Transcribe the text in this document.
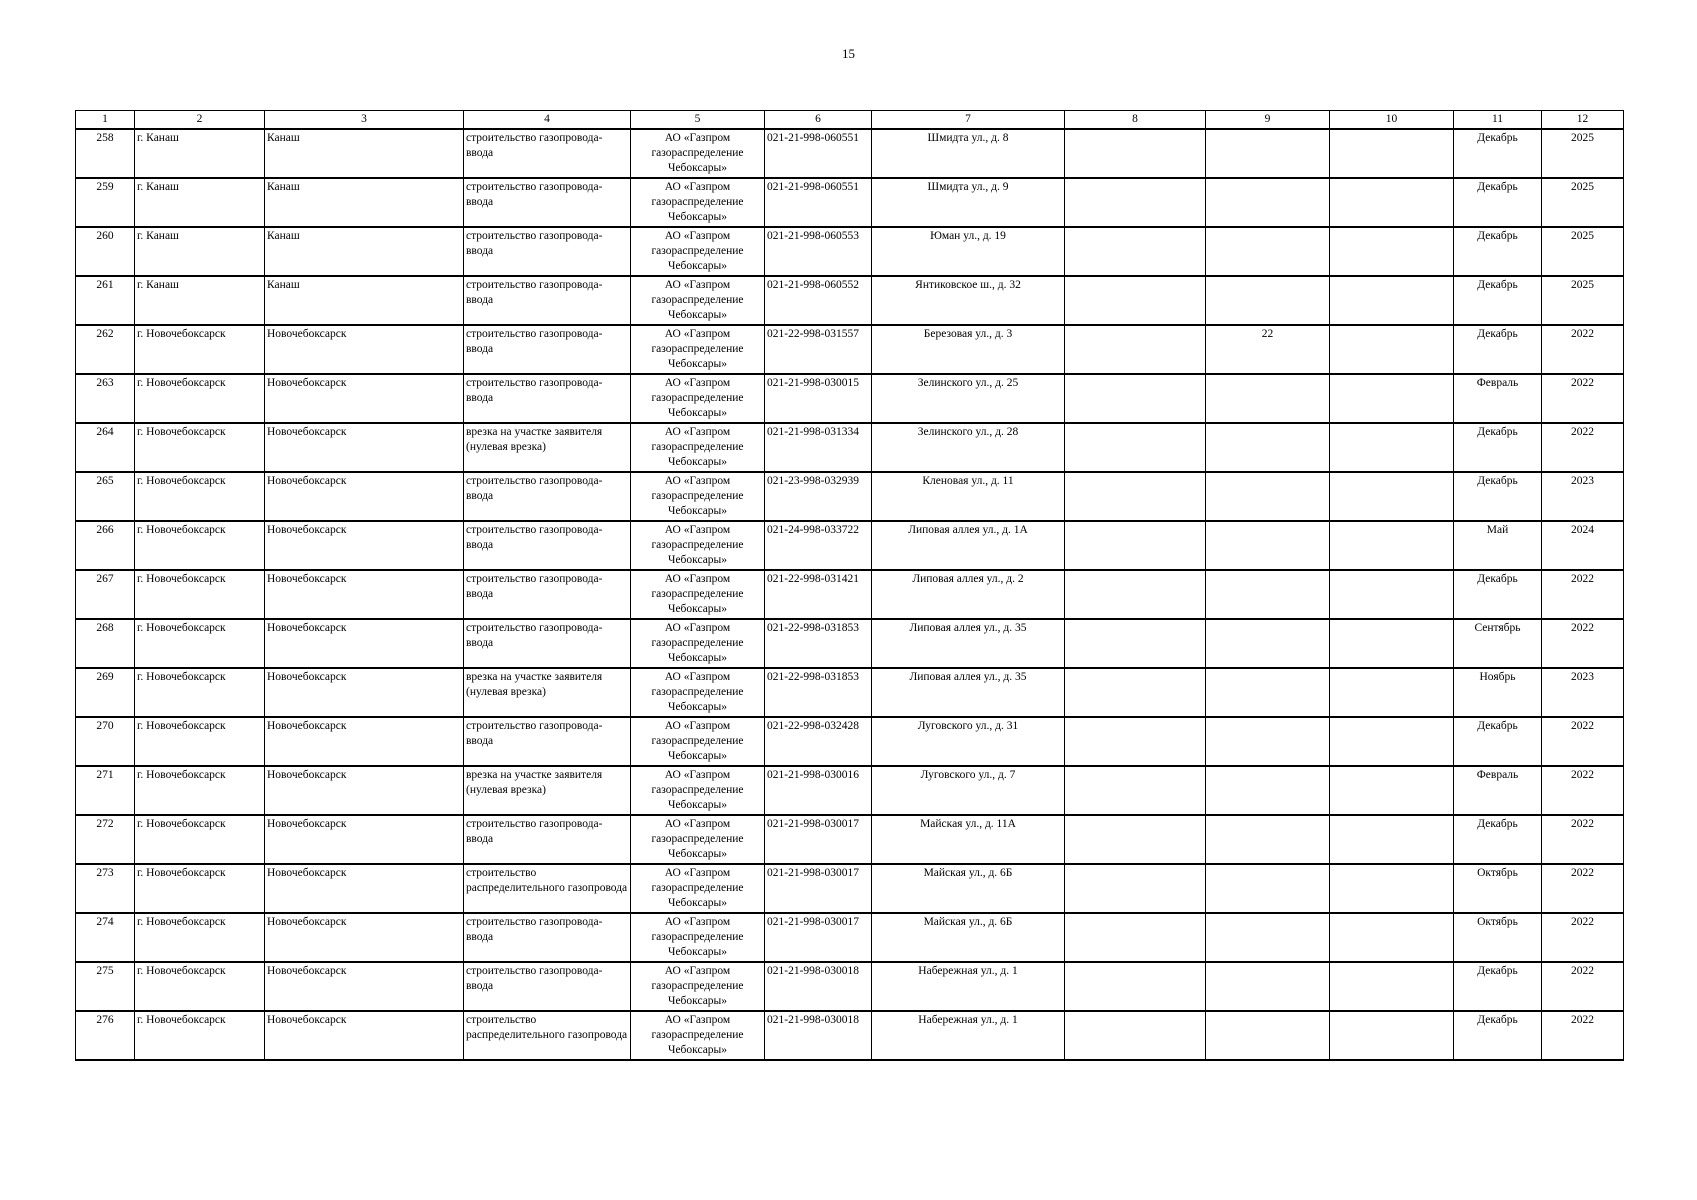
15
1	2	3	4	5	6	7	8	9	10	11	12
258	г. Канаш	Канаш	строительство газопровода-ввода	АО «Газпром газораспределение Чебоксары»	021-21-998-060551	Шмидта ул., д. 8				Декабрь	2025
259	г. Канаш	Канаш	строительство газопровода-ввода	АО «Газпром газораспределение Чебоксары»	021-21-998-060551	Шмидта ул., д. 9				Декабрь	2025
260	г. Канаш	Канаш	строительство газопровода-ввода	АО «Газпром газораспределение Чебоксары»	021-21-998-060553	Юман ул., д. 19				Декабрь	2025
261	г. Канаш	Канаш	строительство газопровода-ввода	АО «Газпром газораспределение Чебоксары»	021-21-998-060552	Янтиковское ш., д. 32				Декабрь	2025
262	г. Новочебоксарск	Новочебоксарск	строительство газопровода-ввода	АО «Газпром газораспределение Чебоксары»	021-22-998-031557	Березовая ул., д. 3		22		Декабрь	2022
263	г. Новочебоксарск	Новочебоксарск	строительство газопровода-ввода	АО «Газпром газораспределение Чебоксары»	021-21-998-030015	Зелинского ул., д. 25				Февраль	2022
264	г. Новочебоксарск	Новочебоксарск	врезка на участке заявителя (нулевая врезка)	АО «Газпром газораспределение Чебоксары»	021-21-998-031334	Зелинского ул., д. 28				Декабрь	2022
265	г. Новочебоксарск	Новочебоксарск	строительство газопровода-ввода	АО «Газпром газораспределение Чебоксары»	021-23-998-032939	Кленовая ул., д. 11				Декабрь	2023
266	г. Новочебоксарск	Новочебоксарск	строительство газопровода-ввода	АО «Газпром газораспределение Чебоксары»	021-24-998-033722	Липовая аллея ул., д. 1А				Май	2024
267	г. Новочебоксарск	Новочебоксарск	строительство газопровода-ввода	АО «Газпром газораспределение Чебоксары»	021-22-998-031421	Липовая аллея ул., д. 2				Декабрь	2022
268	г. Новочебоксарск	Новочебоксарск	строительство газопровода-ввода	АО «Газпром газораспределение Чебоксары»	021-22-998-031853	Липовая аллея ул., д. 35				Сентябрь	2022
269	г. Новочебоксарск	Новочебоксарск	врезка на участке заявителя (нулевая врезка)	АО «Газпром газораспределение Чебоксары»	021-22-998-031853	Липовая аллея ул., д. 35				Ноябрь	2023
270	г. Новочебоксарск	Новочебоксарск	строительство газопровода-ввода	АО «Газпром газораспределение Чебоксары»	021-22-998-032428	Луговского ул., д. 31				Декабрь	2022
271	г. Новочебоксарск	Новочебоксарск	врезка на участке заявителя (нулевая врезка)	АО «Газпром газораспределение Чебоксары»	021-21-998-030016	Луговского ул., д. 7				Февраль	2022
272	г. Новочебоксарск	Новочебоксарск	строительство газопровода-ввода	АО «Газпром газораспределение Чебоксары»	021-21-998-030017	Майская ул., д. 11А				Декабрь	2022
273	г. Новочебоксарск	Новочебоксарск	строительство распределительного газопровода	АО «Газпром газораспределение Чебоксары»	021-21-998-030017	Майская ул., д. 6Б				Октябрь	2022
274	г. Новочебоксарск	Новочебоксарск	строительство газопровода-ввода	АО «Газпром газораспределение Чебоксары»	021-21-998-030017	Майская ул., д. 6Б				Октябрь	2022
275	г. Новочебоксарск	Новочебоксарск	строительство газопровода-ввода	АО «Газпром газораспределение Чебоксары»	021-21-998-030018	Набережная ул., д. 1				Декабрь	2022
276	г. Новочебоксарск	Новочебоксарск	строительство распределительного газопровода	АО «Газпром газораспределение Чебоксары»	021-21-998-030018	Набережная ул., д. 1				Декабрь	2022
